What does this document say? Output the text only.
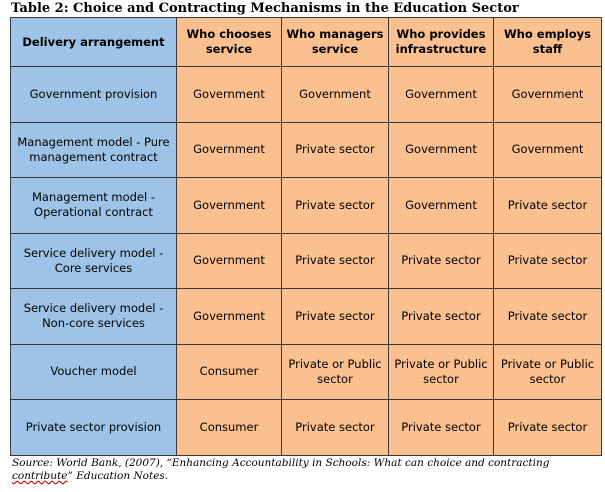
Table 2: Choice and Contracting Mechanisms in the Education Sector
Delivery arrangement	Who chooses service	Who managers service	Who provides infrastructure	Who employs staff
Government provision	Government	Government	Government	Government
Management model - Pure management contract	Government	Private sector	Government	Government
Management model - Operational contract	Government	Private sector	Government	Private sector
Service delivery model - Core services	Government	Private sector	Private sector	Private sector
Service delivery model - Non-core services	Government	Private sector	Private sector	Private sector
Voucher model	Consumer	Private or Public sector	Private or Public sector	Private or Public sector
Private sector provision	Consumer	Private sector	Private sector	Private sector
Source: World Bank, (2007), “Enhancing Accountability in Schools: What can choice and contracting contribute” Education Notes.
